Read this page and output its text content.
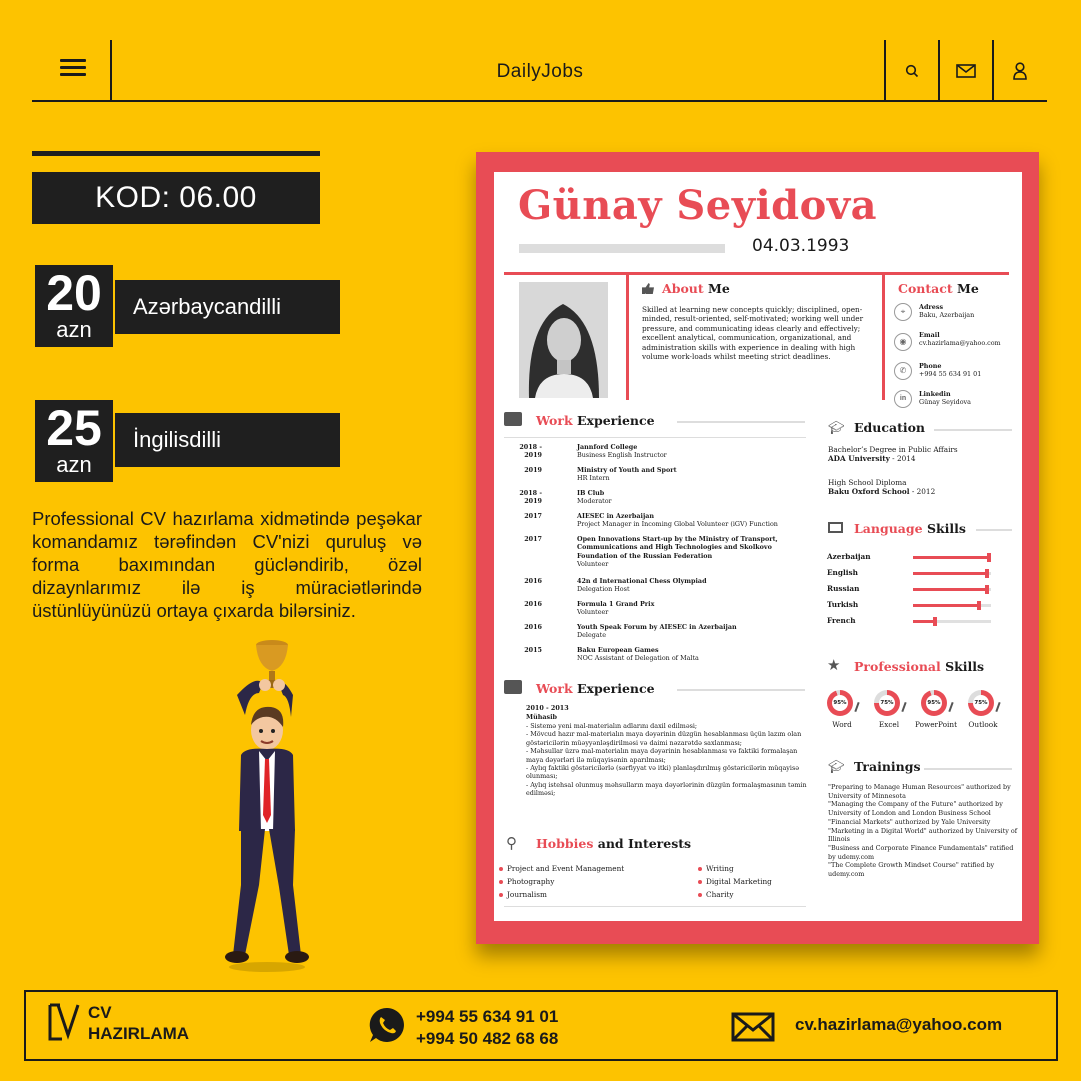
DailyJobs
KOD: 06.00
20
azn
Azərbaycandilli
25
azn
İngilisdilli
Professional CV hazırlama xidmətində peşəkar komandamız tərəfindən CV'nizi quruluş və forma baxımından gücləndirib, özəl dizaynlarımız ilə iş müraciətlərində üstünlüyünüzü ortaya çıxarda bilərsiniz.
Günay Seyidova
04.03.1993
About Me
Skilled at learning new concepts quickly; disciplined, open-minded, result-oriented, self-motivated; working well under pressure, and communicating ideas clearly and effectively; excellent analytical, communication, organizational, and administration skills with experience in dealing with high volume work-loads whilst meeting strict deadlines.
Contact Me
⌖	Adress
Baku, Azerbaijan
◉
Email
cv.hazirlama@yahoo.com
✆	Phone
+994 55 634 91 01
in
Linkedin
Günay Seyidova
Work Experience
2018 - 2019
Jannford College
Business English Instructor
2019	Ministry of Youth and Sport
HR Intern
2018 - 2019
IB Club
Moderator
2017	AIESEC in Azerbaijan
Project Manager in Incoming Global Volunteer (iGV) Function
2017	Open Innovations Start-up by the Ministry of Transport, Communications and High Technologies and Skolkovo Foundation of the Russian Federation
Volunteer
2016	42n d International Chess Olympiad
Delegation Host
2016	Formula 1 Grand Prix
Volunteer
2016	Youth Speak Forum by AIESEC in Azerbaijan
Delegate
2015	Baku European Games
NOC Assistant of Delegation of Malta
Work Experience
2010 - 2013
Mühasib
- Sistemə yeni mal-materialın adlarını daxil edilməsi;
- Mövcud hazır mal-materialın maya dəyərinin düzgün hesablanması üçün lazım olan göstəricilərin müəyyənləşdirilməsi və daimi nəzarətdə saxlanması;
- Məhsullar üzrə mal-materialın maya dəyərinin hesablanması və faktiki formalaşan maya dəyərləri ilə müqayisənin aparılması;
- Aylıq faktiki göstəricilərlə (sərfiyyat və itki) planlaşdırılmış göstəricilərin müqayisə olunması;
- Aylıq istehsal olunmuş məhsulların maya dəyərlərinin düzgün formalaşmasının təmin edilməsi;
⚲ Hobbies and Interests
Project and Event Management
Photography
Journalism
Writing
Digital Marketing
Charity
🎓︎ Education
Bachelor’s Degree in Public Affairs
ADA University - 2014
High School Diploma
Baku Oxford School - 2012
Language Skills
Azerbaijan
English
Russian
Turkish
French
★ Professional Skills
95%
Word
75%
Excel
95%
PowerPoint
75%
Outlook
🎓︎ Trainings
"Preparing to Manage Human Resources" authorized by University of Minnesota
"Managing the Company of the Future" authorized by University of London and London Business School
"Financial Markets" authorized by Yale University
"Marketing in a Digital World" authorized by University of Illinois
"Business and Corporate Finance Fundamentals" ratified by udemy.com
"The Complete Growth Mindset Course" ratified by udemy.com
CV
HAZIRLAMA
+994 55 634 91 01
+994 50 482 68 68
cv.hazirlama@yahoo.com
